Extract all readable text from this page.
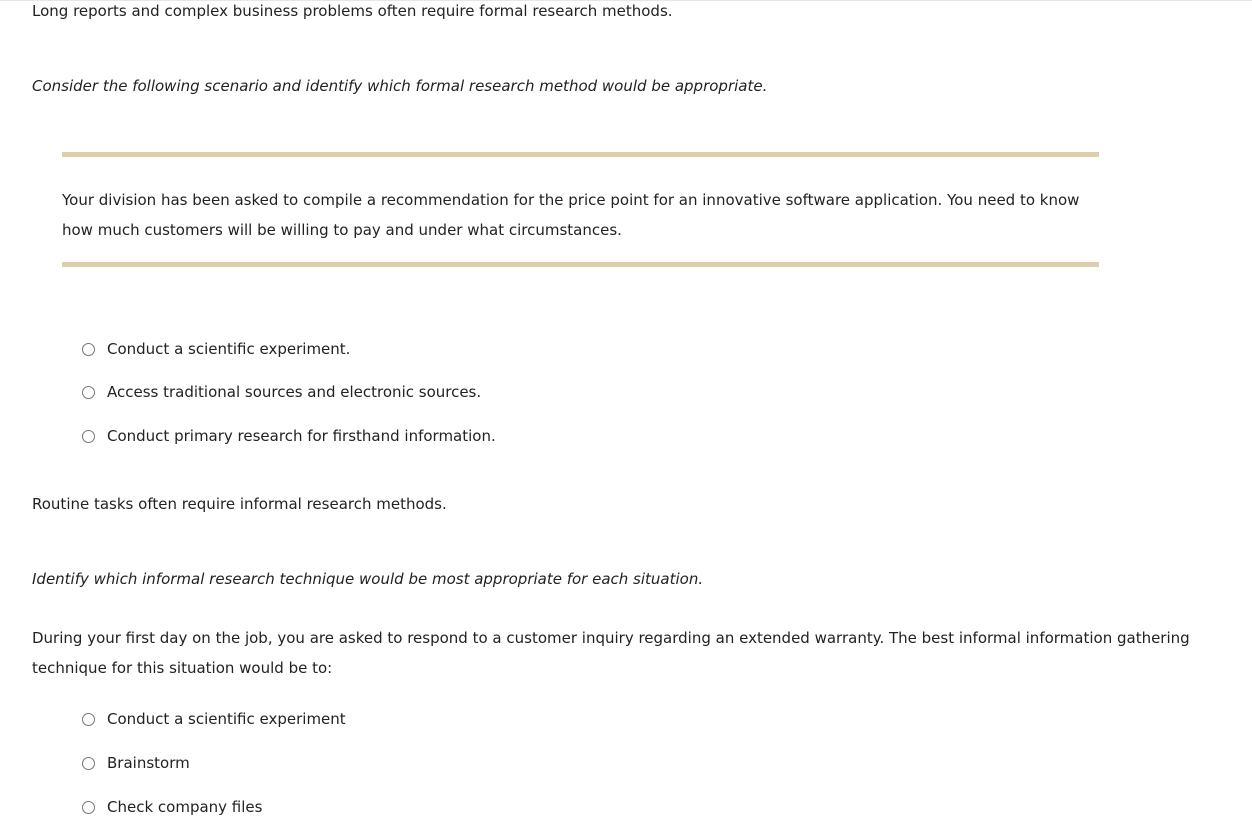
Long reports and complex business problems often require formal research methods.
Consider the following scenario and identify which formal research method would be appropriate.
Your division has been asked to compile a recommendation for the price point for an innovative software application. You need to know how much customers will be willing to pay and under what circumstances.
Conduct a scientific experiment.
Access traditional sources and electronic sources.
Conduct primary research for firsthand information.
Routine tasks often require informal research methods.
Identify which informal research technique would be most appropriate for each situation.
During your first day on the job, you are asked to respond to a customer inquiry regarding an extended warranty. The best informal information gathering technique for this situation would be to:
Conduct a scientific experiment
Brainstorm
Check company files
